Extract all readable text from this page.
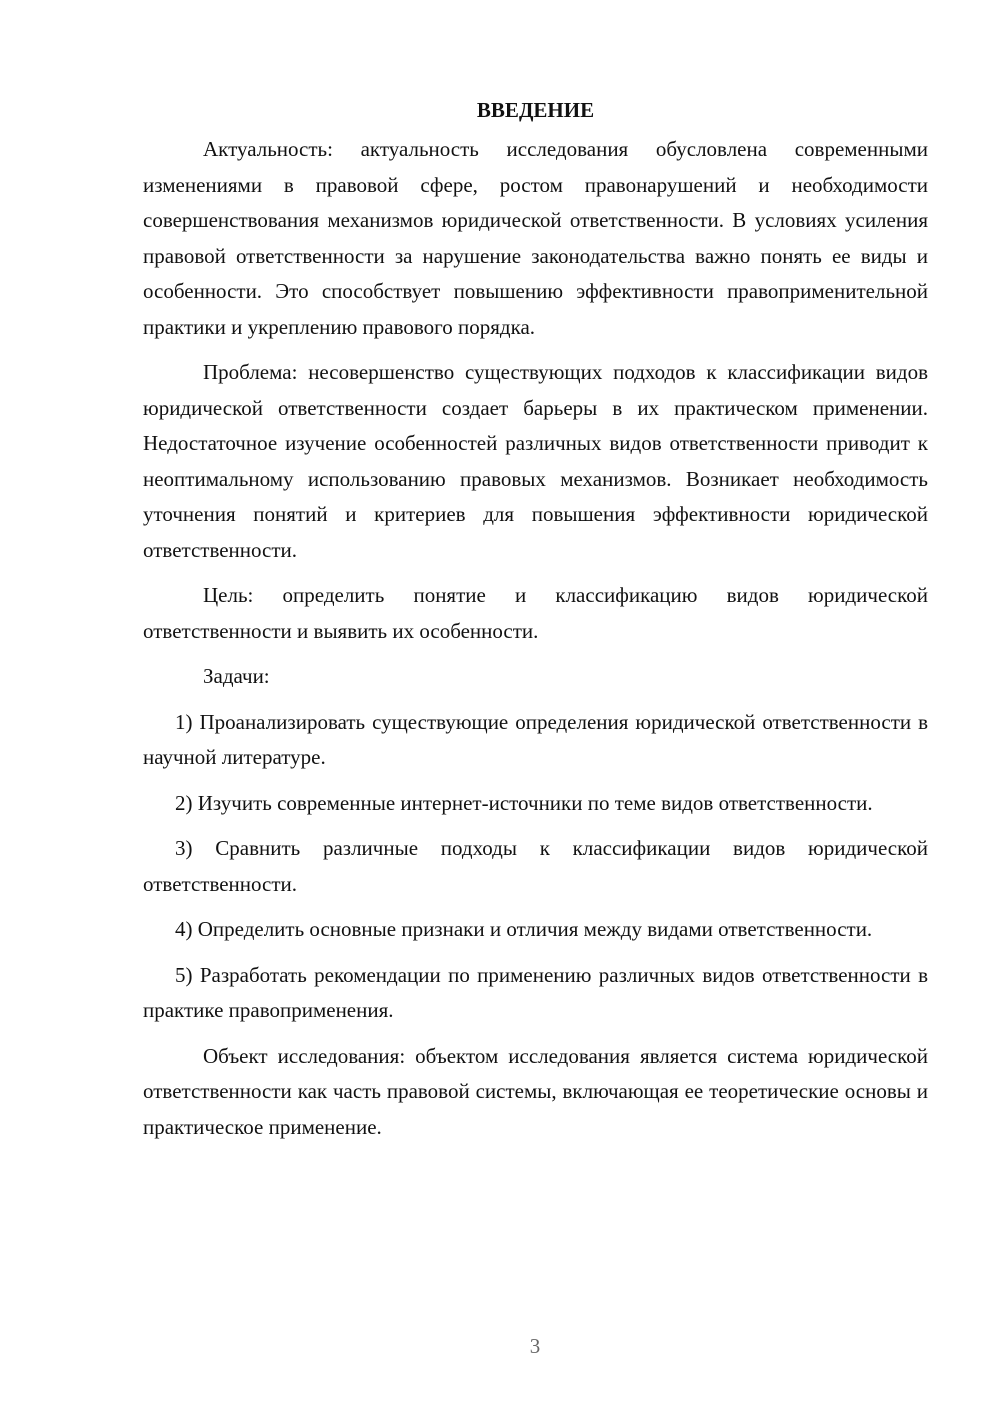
ВВЕДЕНИЕ

Актуальность: актуальность исследования обусловлена современными изменениями в правовой сфере, ростом правонарушений и необходимости совершенствования механизмов юридической ответственности. В условиях усиления правовой ответственности за нарушение законодательства важно понять ее виды и особенности. Это способствует повышению эффективности правоприменительной практики и укреплению правового порядка.

Проблема: несовершенство существующих подходов к классификации видов юридической ответственности создает барьеры в их практическом применении. Недостаточное изучение особенностей различных видов ответственности приводит к неоптимальному использованию правовых механизмов. Возникает необходимость уточнения понятий и критериев для повышения эффективности юридической ответственности.

Цель: определить понятие и классификацию видов юридической ответственности и выявить их особенности.

Задачи:

1) Проанализировать существующие определения юридической ответственности в научной литературе.

2) Изучить современные интернет-источники по теме видов ответственности.

3) Сравнить различные подходы к классификации видов юридической ответственности.

4) Определить основные признаки и отличия между видами ответственности.

5) Разработать рекомендации по применению различных видов ответственности в практике правоприменения.

Объект исследования: объектом исследования является система юридической ответственности как часть правовой системы, включающая ее теоретические основы и практическое применение.

3
